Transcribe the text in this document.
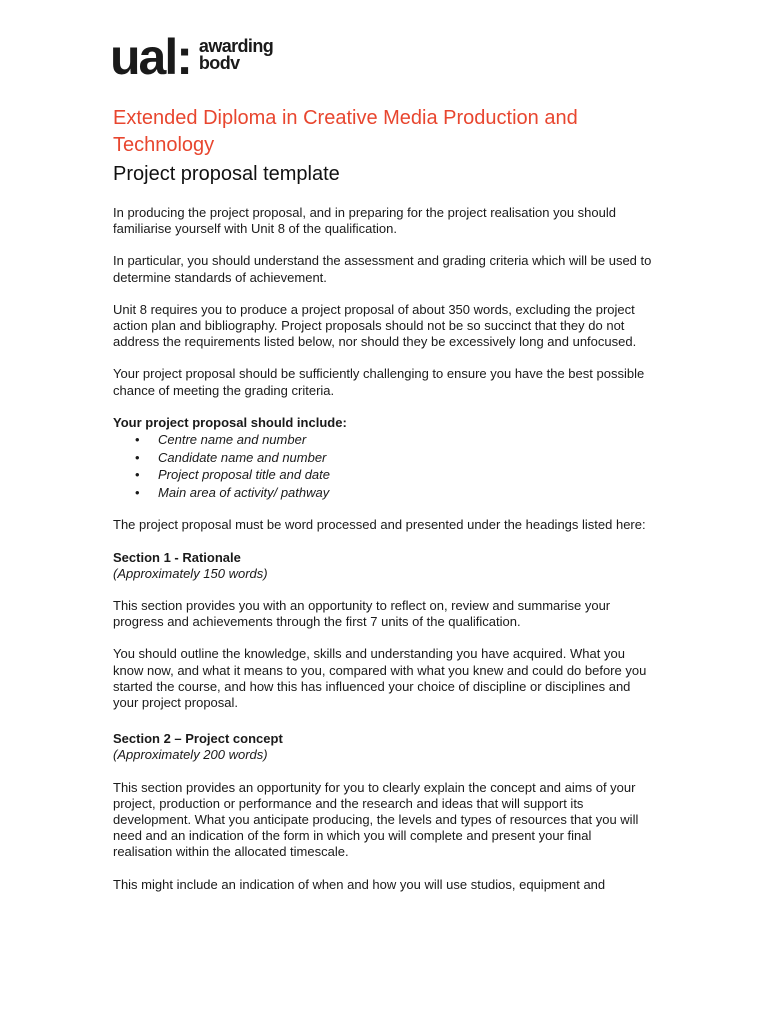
ual: awarding
bodv
Extended Diploma in Creative Media Production and Technology
Project proposal template

In producing the project proposal, and in preparing for the project realisation you should familiarise yourself with Unit 8 of the qualification.

In particular, you should understand the assessment and grading criteria which will be used to determine standards of achievement.

Unit 8 requires you to produce a project proposal of about 350 words, excluding the project action plan and bibliography. Project proposals should not be so succinct that they do not address the requirements listed below, nor should they be excessively long and unfocused.

Your project proposal should be sufficiently challenging to ensure you have the best possible chance of meeting the grading criteria.

Your project proposal should include:

• Centre name and number
• Candidate name and number
• Project proposal title and date
• Main area of activity/ pathway

The project proposal must be word processed and presented under the headings listed here:

Section 1 - Rationale

(Approximately 150 words)

This section provides you with an opportunity to reflect on, review and summarise your progress and achievements through the first 7 units of the qualification.

You should outline the knowledge, skills and understanding you have acquired. What you know now, and what it means to you, compared with what you knew and could do before you started the course, and how this has influenced your choice of discipline or disciplines and your project proposal.

Section 2 – Project concept

(Approximately 200 words)

This section provides an opportunity for you to clearly explain the concept and aims of your project, production or performance and the research and ideas that will support its development. What you anticipate producing, the levels and types of resources that you will need and an indication of the form in which you will complete and present your final realisation within the allocated timescale.

This might include an indication of when and how you will use studios, equipment and
